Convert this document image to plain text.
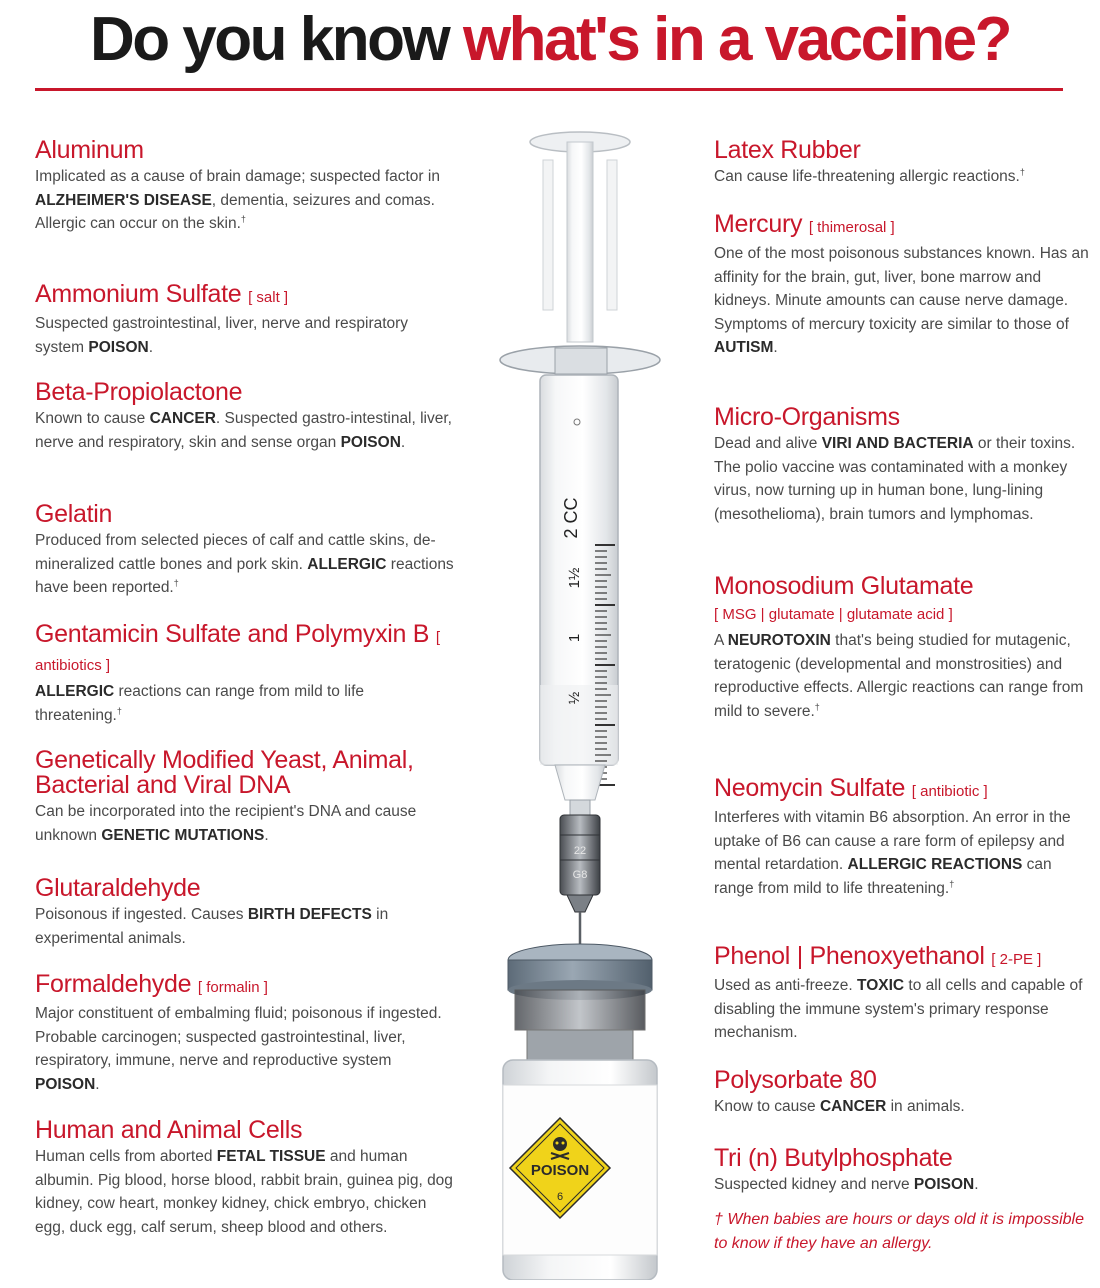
Do you know what's in a vaccine?
Aluminum
Implicated as a cause of brain damage; suspected factor in ALZHEIMER'S DISEASE, dementia, seizures and comas. Allergic can occur on the skin.†
Ammonium Sulfate [ salt ]
Suspected gastrointestinal, liver, nerve and respiratory system POISON.
Beta-Propiolactone
Known to cause CANCER. Suspected gastro-intestinal, liver, nerve and respiratory, skin and sense organ POISON.
Gelatin
Produced from selected pieces of calf and cattle skins, de-mineralized cattle bones and pork skin. ALLERGIC reactions have been reported.†
Gentamicin Sulfate and Polymyxin B [ antibiotics ]
ALLERGIC reactions can range from mild to life threatening.†
Genetically Modified Yeast, Animal, Bacterial and Viral DNA
Can be incorporated into the recipient's DNA and cause unknown GENETIC MUTATIONS.
Glutaraldehyde
Poisonous if ingested. Causes BIRTH DEFECTS in experimental animals.
Formaldehyde [ formalin ]
Major constituent of embalming fluid; poisonous if ingested. Probable carcinogen; suspected gastrointestinal, liver, respiratory, immune, nerve and reproductive system POISON.
Human and Animal Cells
Human cells from aborted FETAL TISSUE and human albumin. Pig blood, horse blood, rabbit brain, guinea pig, dog kidney, cow heart, monkey kidney, chick embryo, chicken egg, duck egg, calf serum, sheep blood and others.
Latex Rubber
Can cause life-threatening allergic reactions.†
Mercury [ thimerosal ]
One of the most poisonous substances known. Has an affinity for the brain, gut, liver, bone marrow and kidneys. Minute amounts can cause nerve damage. Symptoms of mercury toxicity are similar to those of AUTISM.
Micro-Organisms
Dead and alive VIRI AND BACTERIA or their toxins. The polio vaccine was contaminated with a monkey virus, now turning up in human bone, lung-lining (mesothelioma), brain tumors and lymphomas.
Monosodium Glutamate
[ MSG | glutamate | glutamate acid ]
A NEUROTOXIN that's being studied for mutagenic, teratogenic (developmental and monstrosities) and reproductive effects. Allergic reactions can range from mild to severe.†
Neomycin Sulfate [ antibiotic ]
Interferes with vitamin B6 absorption. An error in the uptake of B6 can cause a rare form of epilepsy and mental retardation. ALLERGIC REACTIONS can range from mild to life threatening.†
Phenol | Phenoxyethanol [ 2-PE ]
Used as anti-freeze. TOXIC to all cells and capable of disabling the immune system's primary response mechanism.
Polysorbate 80
Know to cause CANCER in animals.
Tri (n) Butylphosphate
Suspected kidney and nerve POISON.
† When babies are hours or days old it is impossible to know if they have an allergy.
2 CC
1½
1
½
22
G8
POISON
6
